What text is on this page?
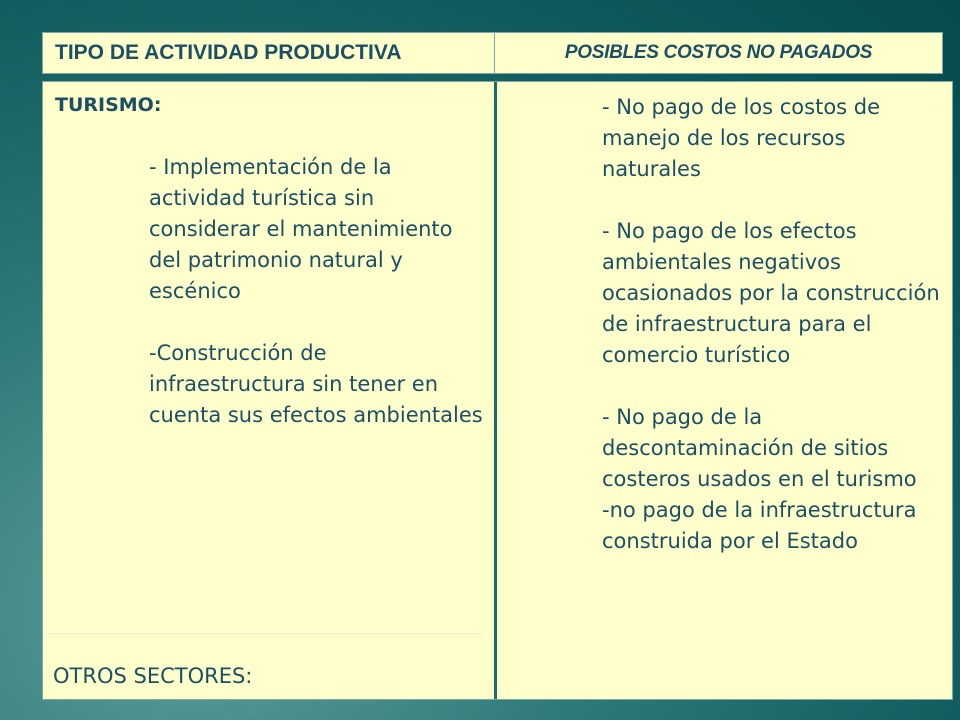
TIPO DE ACTIVIDAD PRODUCTIVA	POSIBLES COSTOS NO PAGADOS
TURISMO:

- Implementación de la actividad turística sin considerar el mantenimiento del patrimonio natural y escénico

-Construcción de infraestructura sin tener en cuenta sus efectos ambientales

- No pago de los costos de manejo de los recursos naturales

- No pago de los efectos ambientales negativos ocasionados por la construcción de infraestructura para el comercio turístico

- No pago de la descontaminación de sitios costeros usados en el turismo

-no pago de la infraestructura construida por el Estado

OTROS SECTORES:
